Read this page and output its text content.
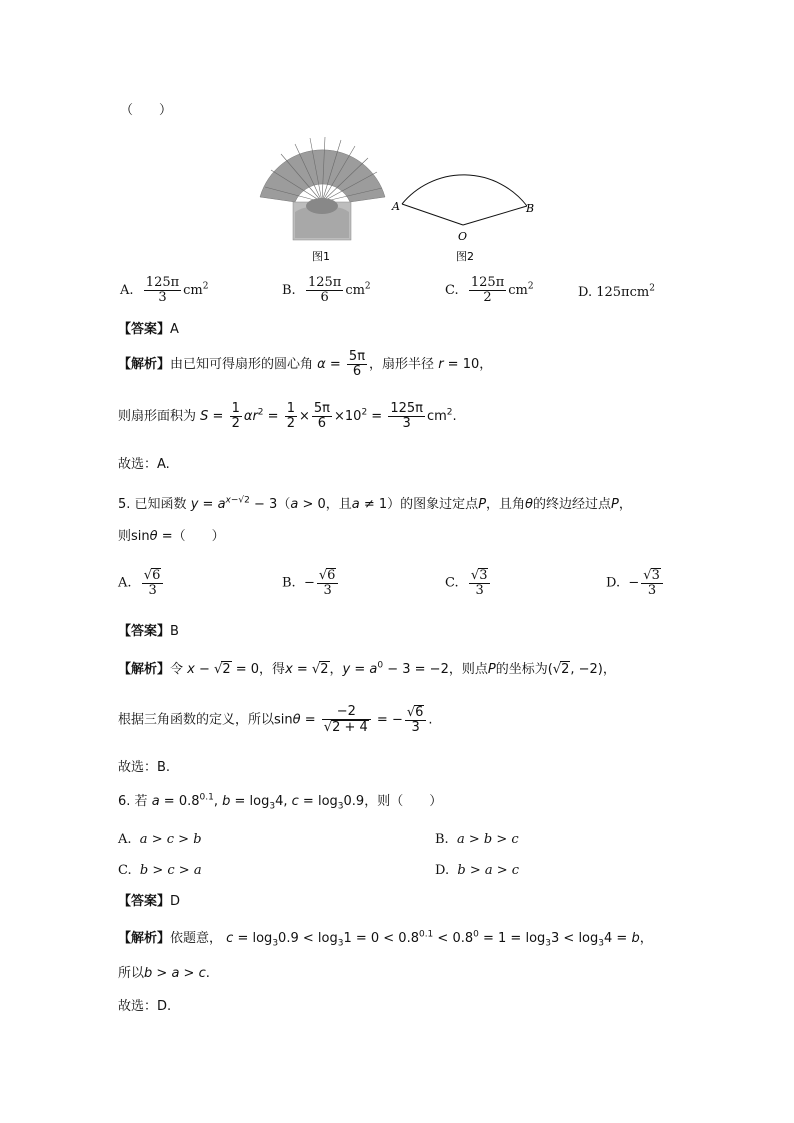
（　　）
图1
A	B
O
图2
A. $\frac{125\pi}{3} cm^2$	B. $\frac{125\pi}{6} cm^2$	C. $\frac{125\pi}{2} cm^2$	D. 125πcm$^2$
【答案】A
【解析】由已知可得扇形的圆心角 $\alpha = \frac{5\pi}{6}$ ，扇形半径 r = 10，
则扇形面积为 $S = \frac{1}{2} \alpha r^2 = \frac{1}{2} \times \frac{5\pi}{6} \times 10^2 = \frac{125\pi}{3} cm^2$.
故选：A.
5. 已知函数 $y = a^{x-√2} - 3(a > 0$，且a ≠ 1）的图象过定点P，且角θ的终边经过点P，
则sinθ =（　　）
A. $\frac{√6}{3}$	B.  − $\frac{√6}{3}$	C. $\frac{√3}{3}$	D.  − $\frac{√3}{3}$
【答案】B
【解析】令 x − √2 = 0，得x = √2，$y = a^0 - 3 = -2$，则点P的坐标为(√2, −2)，
根据三角函数的定义，所以$\sin\theta = \frac{-2}{√2 + 4}$ = − $\frac{√6}{3}$ .
故选：B.
6. 若 $a = 0.8^{0.1}$, $b = \log_34$, $c = \log_30.9$，则（　　）
A. a > c > b	B. a > b > c
C. b > c > a	D. b > a > c
【答案】D
【解析】依题意， $c = \log_30.9 < \log_31 = 0 < 0.8^{0.1} < 0.8^0 = 1 = \log_33 < \log_34 = b$，
所以b > a > c.
故选：D.
